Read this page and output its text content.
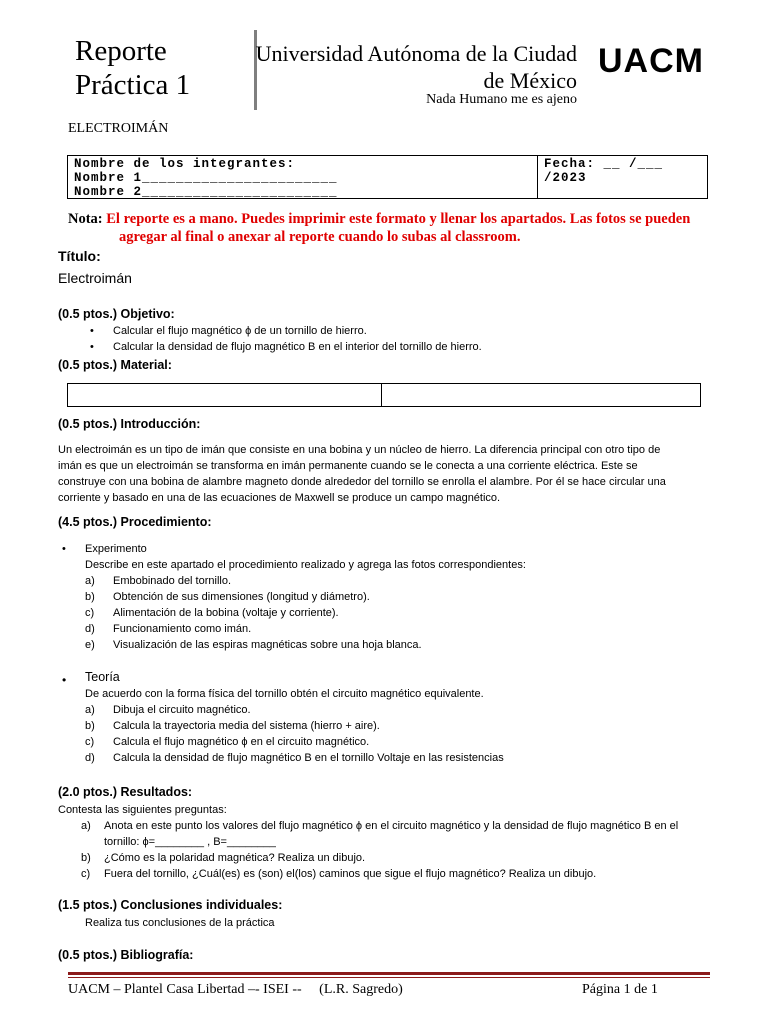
Reporte
Práctica 1
Universidad Autónoma de la Ciudad
de México
Nada Humano me es ajeno
UACM
ELECTROIMÁN
Nombre de los integrantes:
Nombre 1_______________________
Nombre 2_______________________
Fecha: __ /___ /2023
Nota: El reporte es a mano. Puedes imprimir este formato y llenar los apartados. Las fotos se pueden
agregar al final o anexar al reporte cuando lo subas al classroom.
Título:
Electroimán
(0.5 ptos.) Objetivo:
• Calcular el flujo magnético ϕ de un tornillo de hierro.
• Calcular la densidad de flujo magnético B en el interior del tornillo de hierro.
(0.5 ptos.) Material:
(0.5 ptos.) Introducción:
Un electroimán es un tipo de imán que consiste en una bobina y un núcleo de hierro. La diferencia principal con otro tipo de
imán es que un electroimán se transforma en imán permanente cuando se le conecta a una corriente eléctrica. Este se
construye con una bobina de alambre magneto donde alrededor del tornillo se enrolla el alambre. Por él se hace circular una
corriente y basado en una de las ecuaciones de Maxwell se produce un campo magnético.
(4.5 ptos.) Procedimiento:
• Experimento
Describe en este apartado el procedimiento realizado y agrega las fotos correspondientes:
a) Embobinado del tornillo.
b) Obtención de sus dimensiones (longitud y diámetro).
c) Alimentación de la bobina (voltaje y corriente).
d) Funcionamiento como imán.
e) Visualización de las espiras magnéticas sobre una hoja blanca.
• Teoría
De acuerdo con la forma física del tornillo obtén el circuito magnético equivalente.
a) Dibuja el circuito magnético.
b) Calcula la trayectoria media del sistema (hierro + aire).
c) Calcula el flujo magnético ϕ en el circuito magnético.
d) Calcula la densidad de flujo magnético B en el tornillo Voltaje en las resistencias
(2.0 ptos.) Resultados:
Contesta las siguientes preguntas:
a) Anota en este punto los valores del flujo magnético ϕ en el circuito magnético y la densidad de flujo magnético B en el
tornillo: ϕ=________ , B=________
b) ¿Cómo es la polaridad magnética? Realiza un dibujo.
c) Fuera del tornillo, ¿Cuál(es) es (son) el(los) caminos que sigue el flujo magnético? Realiza un dibujo.
(1.5 ptos.) Conclusiones individuales:
Realiza tus conclusiones de la práctica
(0.5 ptos.) Bibliografía:
UACM – Plantel Casa Libertad –- ISEI --     (L.R. Sagredo)	Página 1 de 1
